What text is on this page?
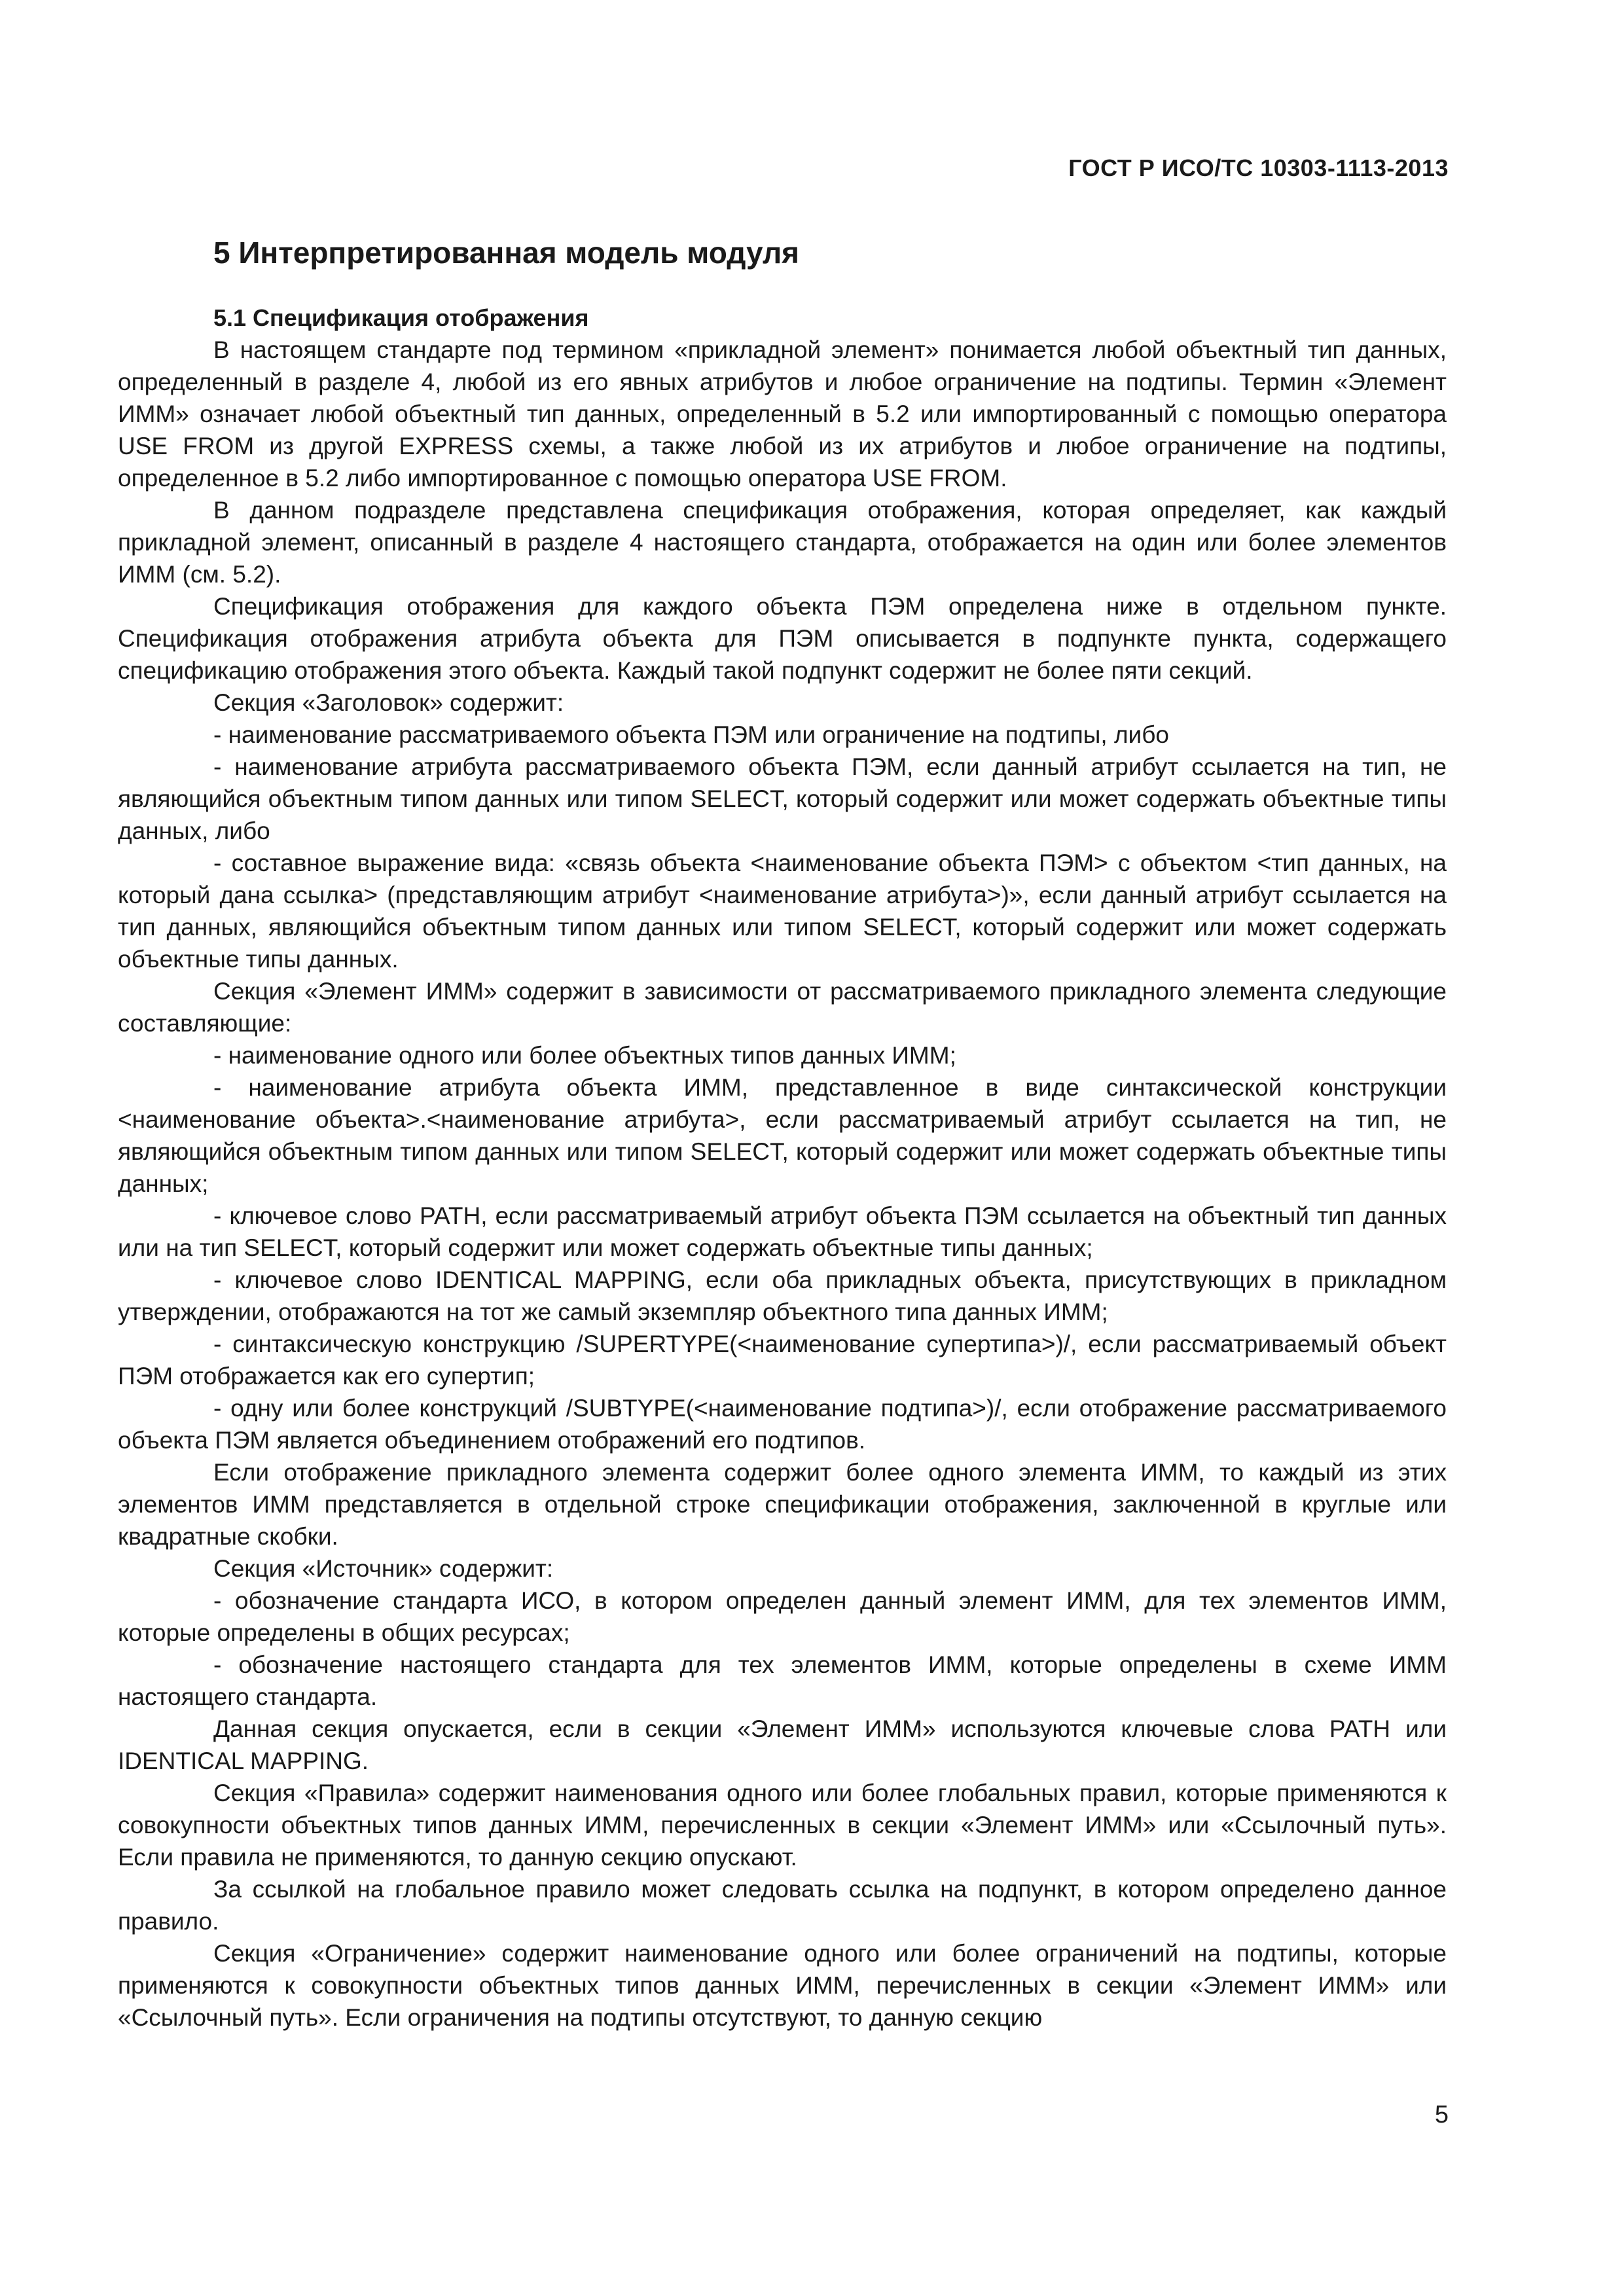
ГОСТ Р ИСО/ТС 10303-1113-2013
5 Интерпретированная модель модуля
5.1 Спецификация отображения

В настоящем стандарте под термином «прикладной элемент» понимается любой объектный тип данных, определенный в разделе 4, любой из его явных атрибутов и любое ограничение на подтипы. Термин «Элемент ИММ» означает любой объектный тип данных, определенный в 5.2 или импортированный с помощью оператора USE FROM из другой EXPRESS схемы, а также любой из их атрибутов и любое ограничение на подтипы, определенное в 5.2 либо импортированное с помощью оператора USE FROM.

В данном подразделе представлена спецификация отображения, которая определяет, как каждый прикладной элемент, описанный в разделе 4 настоящего стандарта, отображается на один или более элементов ИММ (см. 5.2).

Спецификация отображения для каждого объекта ПЭМ определена ниже в отдельном пункте. Спецификация отображения атрибута объекта для ПЭМ описывается в подпункте пункта, содержащего спецификацию отображения этого объекта. Каждый такой подпункт содержит не более пяти секций.

Секция «Заголовок» содержит:

- наименование рассматриваемого объекта ПЭМ или ограничение на подтипы, либо

- наименование атрибута рассматриваемого объекта ПЭМ, если данный атрибут ссылается на тип, не являющийся объектным типом данных или типом SELECT, который содержит или может содержать объектные типы данных, либо

- составное выражение вида: «связь объекта <наименование объекта ПЭМ> с объектом <тип данных, на который дана ссылка> (представляющим атрибут <наименование атрибута>)», если данный атрибут ссылается на тип данных, являющийся объектным типом данных или типом SELECT, который содержит или может содержать объектные типы данных.

Секция «Элемент ИММ» содержит в зависимости от рассматриваемого прикладного элемента следующие составляющие:

- наименование одного или более объектных типов данных ИММ;

- наименование атрибута объекта ИММ, представленное в виде синтаксической конструкции <наименование объекта>.<наименование атрибута>, если рассматриваемый атрибут ссылается на тип, не являющийся объектным типом данных или типом SELECT, который содержит или может содержать объектные типы данных;

- ключевое слово PATH, если рассматриваемый атрибут объекта ПЭМ ссылается на объектный тип данных или на тип SELECT, который содержит или может содержать объектные типы данных;

- ключевое слово IDENTICAL MAPPING, если оба прикладных объекта, присутствующих в прикладном утверждении, отображаются на тот же самый экземпляр объектного типа данных ИММ;

- синтаксическую конструкцию /SUPERTYPE(<наименование супертипа>)/, если рассматриваемый объект ПЭМ отображается как его супертип;

- одну или более конструкций /SUBTYPE(<наименование подтипа>)/, если отображение рассматриваемого объекта ПЭМ является объединением отображений его подтипов.

Если отображение прикладного элемента содержит более одного элемента ИММ, то каждый из этих элементов ИММ представляется в отдельной строке спецификации отображения, заключенной в круглые или квадратные скобки.

Секция «Источник» содержит:

- обозначение стандарта ИСО, в котором определен данный элемент ИММ, для тех элементов ИММ, которые определены в общих ресурсах;

- обозначение настоящего стандарта для тех элементов ИММ, которые определены в схеме ИММ настоящего стандарта.

Данная секция опускается, если в секции «Элемент ИММ» используются ключевые слова PATH или IDENTICAL MAPPING.

Секция «Правила» содержит наименования одного или более глобальных правил, которые применяются к совокупности объектных типов данных ИММ, перечисленных в секции «Элемент ИММ» или «Ссылочный путь». Если правила не применяются, то данную секцию опускают.

За ссылкой на глобальное правило может следовать ссылка на подпункт, в котором определено данное правило.

Секция «Ограничение» содержит наименование одного или более ограничений на подтипы, которые применяются к совокупности объектных типов данных ИММ, перечисленных в секции «Элемент ИММ» или «Ссылочный путь». Если ограничения на подтипы отсутствуют, то данную секцию

5
